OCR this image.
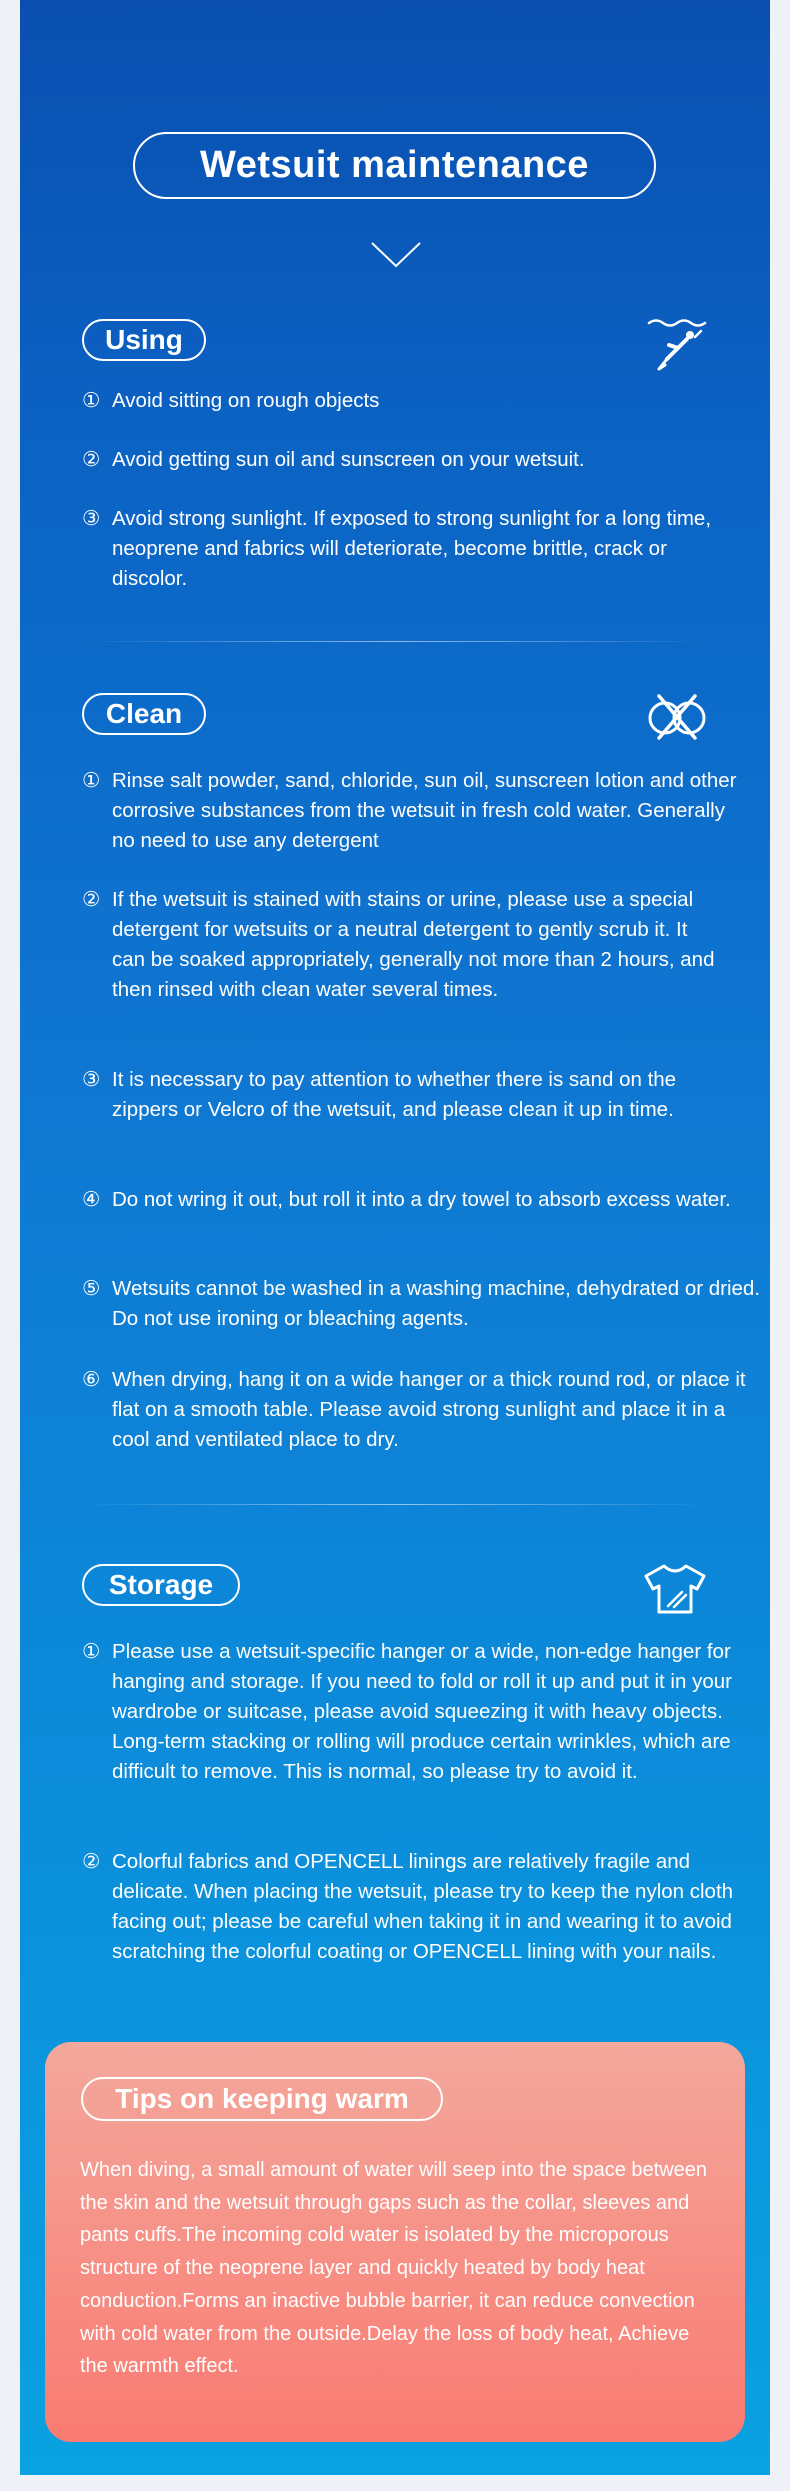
Wetsuit maintenance
Using
① Avoid sitting on rough objects
② Avoid getting sun oil and sunscreen on your wetsuit.
③ Avoid strong sunlight. If exposed to strong sunlight for a long time, neoprene and fabrics will deteriorate, become brittle, crack or discolor.
Clean
① Rinse salt powder, sand, chloride, sun oil, sunscreen lotion and other corrosive substances from the wetsuit in fresh cold water. Generally no need to use any detergent
② If the wetsuit is stained with stains or urine, please use a special detergent for wetsuits or a neutral detergent to gently scrub it. It can be soaked appropriately, generally not more than 2 hours, and then rinsed with clean water several times.
③ It is necessary to pay attention to whether there is sand on the zippers or Velcro of the wetsuit, and please clean it up in time.
④ Do not wring it out, but roll it into a dry towel to absorb excess water.
⑤ Wetsuits cannot be washed in a washing machine, dehydrated or dried. Do not use ironing or bleaching agents.
⑥ When drying, hang it on a wide hanger or a thick round rod, or place it flat on a smooth table. Please avoid strong sunlight and place it in a cool and ventilated place to dry.
Storage
① Please use a wetsuit-specific hanger or a wide, non-edge hanger for hanging and storage. If you need to fold or roll it up and put it in your wardrobe or suitcase, please avoid squeezing it with heavy objects. Long-term stacking or rolling will produce certain wrinkles, which are difficult to remove. This is normal, so please try to avoid it.
② Colorful fabrics and OPENCELL linings are relatively fragile and delicate. When placing the wetsuit, please try to keep the nylon cloth facing out; please be careful when taking it in and wearing it to avoid scratching the colorful coating or OPENCELL lining with your nails.
Tips on keeping warm
When diving, a small amount of water will seep into the space between the skin and the wetsuit through gaps such as the collar, sleeves and pants cuffs.The incoming cold water is isolated by the microporous structure of the neoprene layer and quickly heated by body heat conduction.Forms an inactive bubble barrier, it can reduce convection with cold water from the outside.Delay the loss of body heat, Achieve the warmth effect.
